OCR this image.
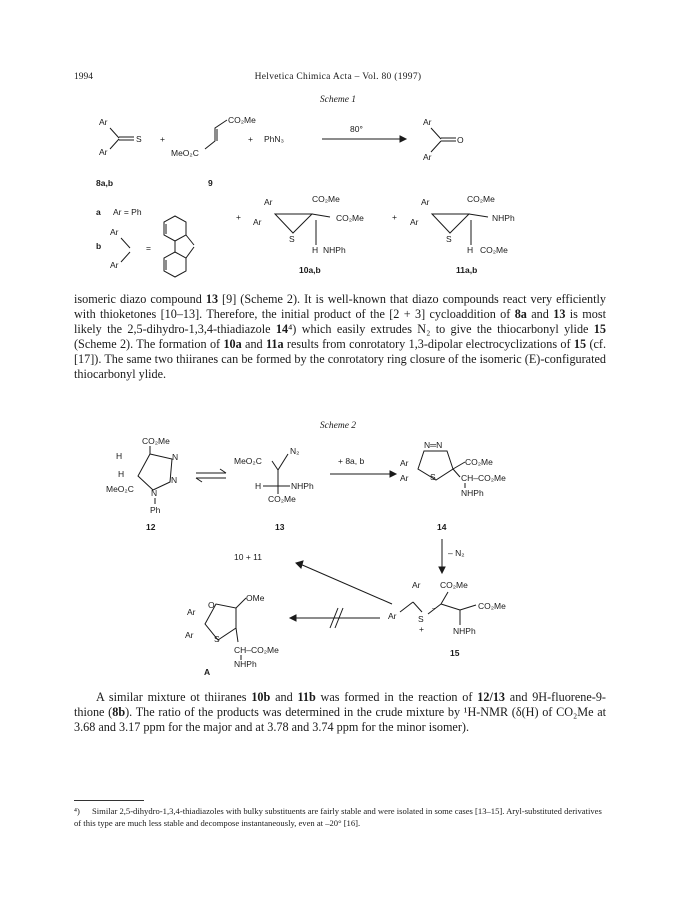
1994	Helvetica Chimica Acta – Vol. 80 (1997)
Scheme 1
Ar
Ar
S +
CO₂Me
MeO₂C
+ PhN₃
80°
Ar
Ar
O
8a,b	9
a Ar = Ph
b
Ar
Ar
=
+
Ar
Ar
S
CO₂Me
CO₂Me
H NHPh
+
Ar
Ar
S
CO₂Me
NHPh
H CO₂Me
10a,b	11a,b

isomeric diazo compound 13 [9] (Scheme 2). It is well-known that diazo compounds react very efficiently with thioketones [10–13]. Therefore, the initial product of the [2 + 3] cycloaddition of 8a and 13 is most likely the 2,5-dihydro-1,3,4-thiadiazole 14⁴) which easily extrudes N₂ to give the thiocarbonyl ylide 15 (Scheme 2). The formation of 10a and 11a results from conrotatory 1,3-dipolar electrocyclizations of 15 (cf. [17]). The same two thiiranes can be formed by the conrotatory ring closure of the isomeric (E)-configurated thiocarbonyl ylide.

Scheme 2
CO₂Me
H
H
MeO₂C
N
N
N
Ph
12
MeO₂C
N₂
H	NHPh
CO₂Me
13
+ 8a, b
N═N
Ar
Ar	S
CO₂Me
CH–CO₂Me
NHPh
14
– N₂
10 + 11
Ar
Ar	S
+
–
CO₂Me
CO₂Me
NHPh
15
Ar
Ar
O
S
OMe
CH–CO₂Me
NHPh
A

A similar mixture ot thiiranes 10b and 11b was formed in the reaction of 12/13 and 9H-fluorene-9-thione (8b). The ratio of the products was determined in the crude mixture by ¹H-NMR (δ(H) of CO₂Me at 3.68 and 3.17 ppm for the major and at 3.78 and 3.74 ppm for the minor isomer).

⁴) Similar 2,5-dihydro-1,3,4-thiadiazoles with bulky substituents are fairly stable and were isolated in some cases [13–15]. Aryl-substituted derivatives of this type are much less stable and decompose instantaneously, even at –20° [16].
